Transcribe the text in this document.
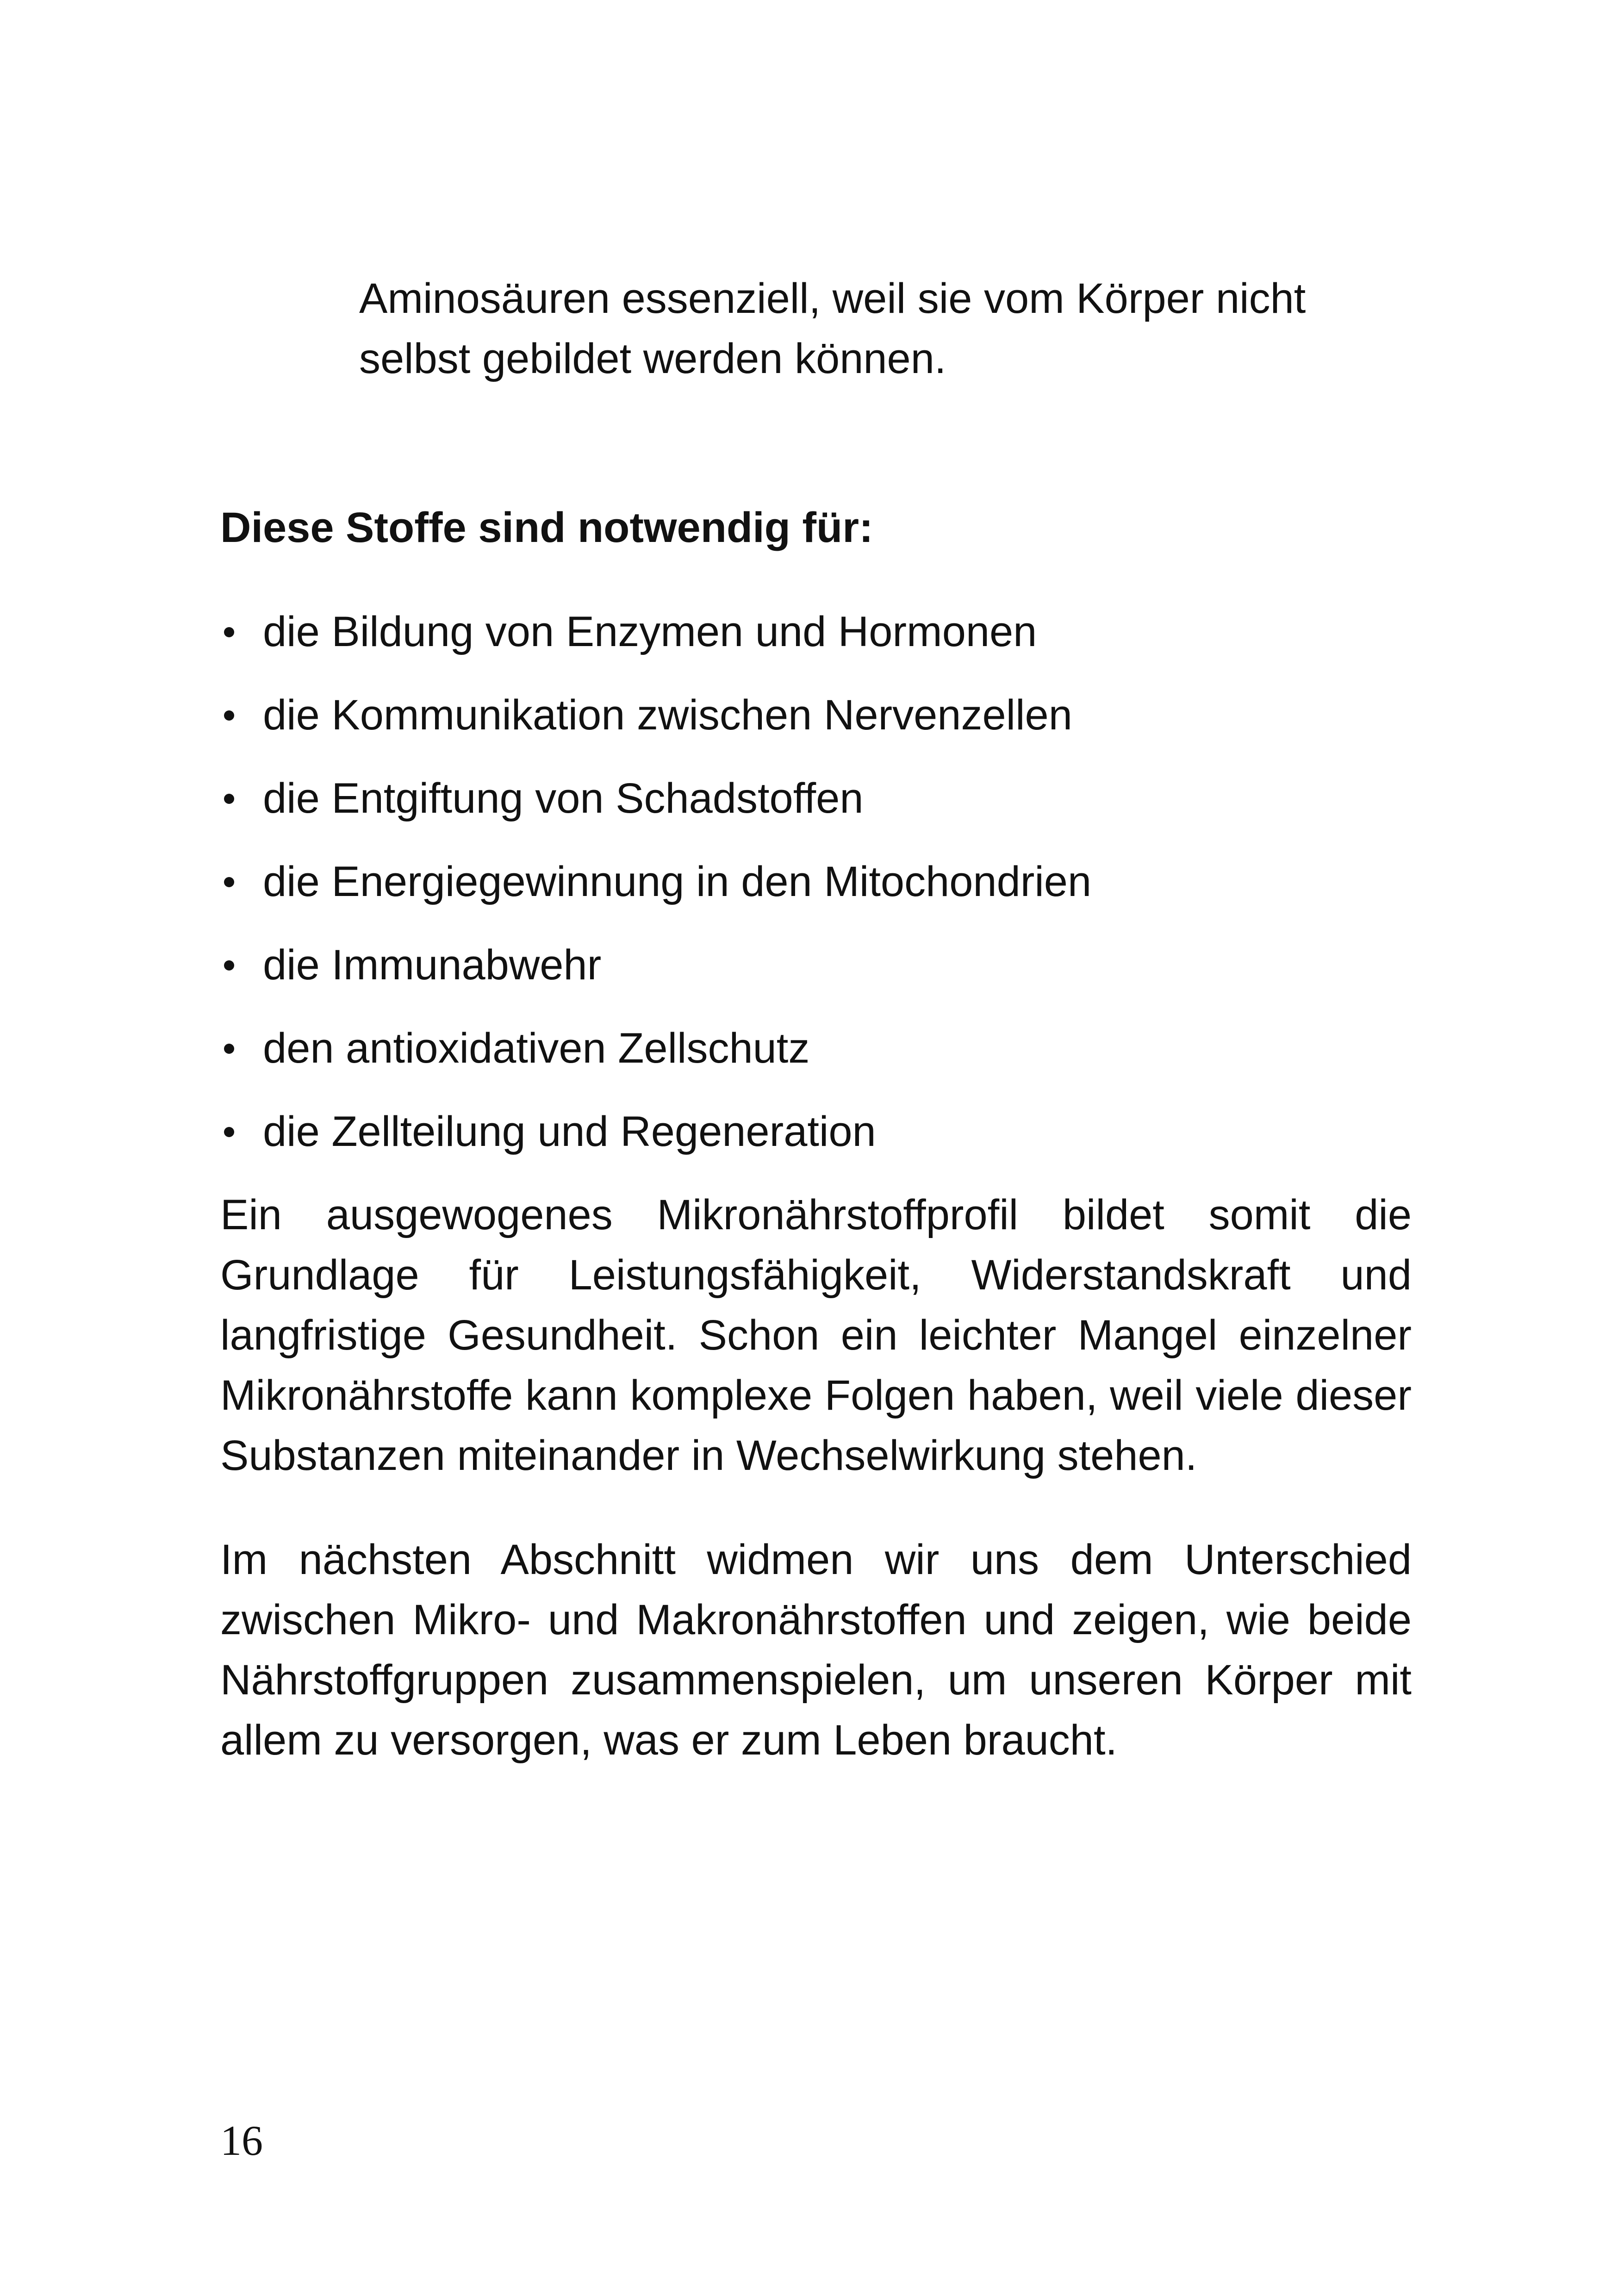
Aminosäuren essenziell, weil sie vom Körper nicht
selbst gebildet werden können.

Diese Stoffe sind notwendig für:
die Bildung von Enzymen und Hormonen
die Kommunikation zwischen Nervenzellen
die Entgiftung von Schadstoffen
die Energiegewinnung in den Mitochondrien
die Immunabwehr
den antioxidativen Zellschutz
die Zellteilung und Regeneration

Ein ausgewogenes Mikronährstoffprofil bildet somit die
Grundlage für Leistungsfähigkeit, Widerstandskraft und
langfristige Gesundheit. Schon ein leichter Mangel einzelner
Mikronährstoffe kann komplexe Folgen haben, weil viele dieser
Substanzen miteinander in Wechselwirkung stehen.

Im nächsten Abschnitt widmen wir uns dem Unterschied
zwischen Mikro- und Makronährstoffen und zeigen, wie beide
Nährstoffgruppen zusammenspielen, um unseren Körper mit
allem zu versorgen, was er zum Leben braucht.

16
